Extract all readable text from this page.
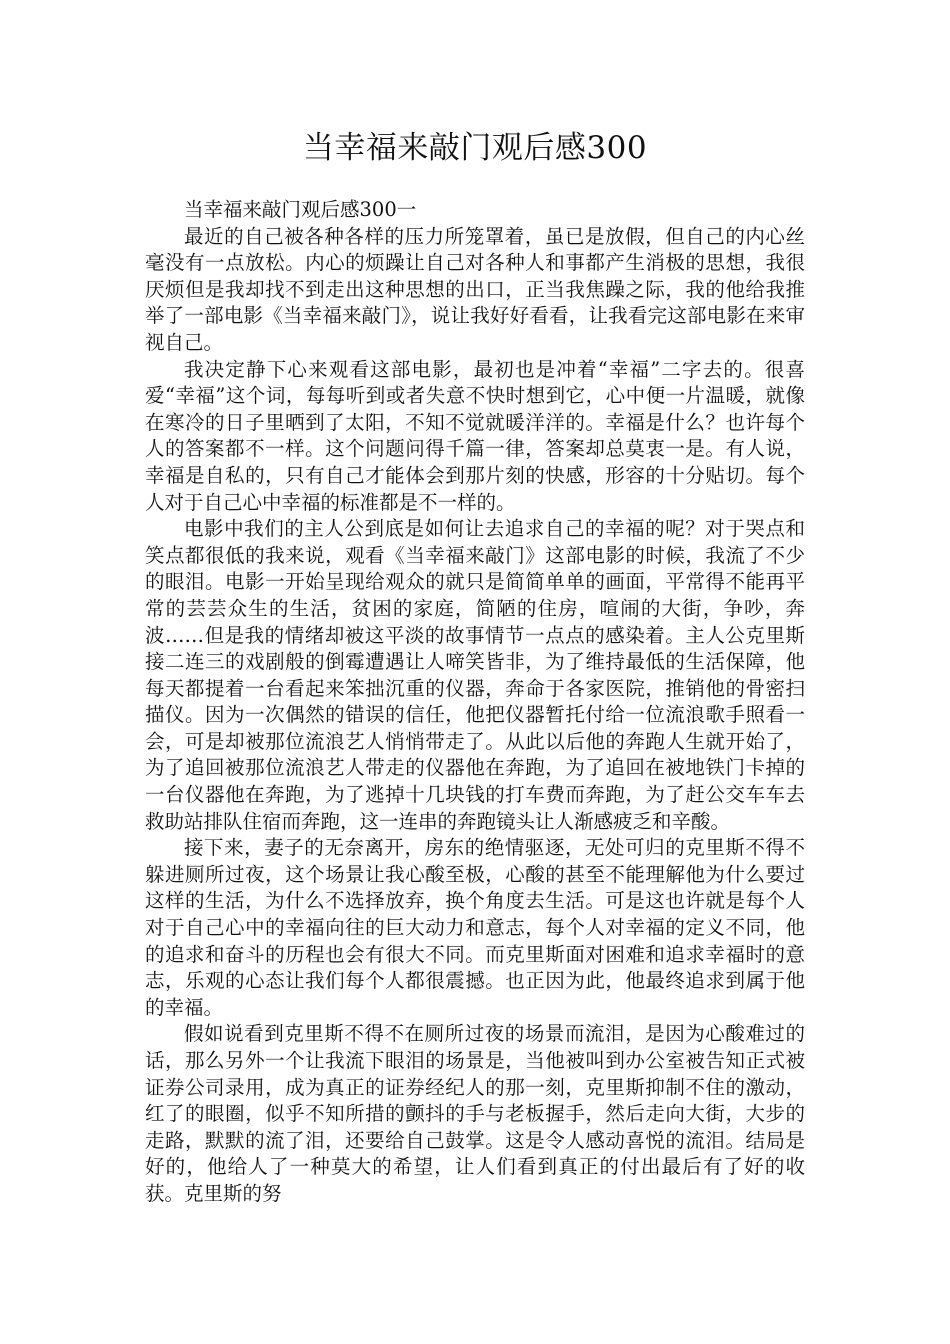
当幸福来敲门观后感300

当幸福来敲门观后感300一

最近的自己被各种各样的压力所笼罩着，虽已是放假，但自己的内心丝毫没有一点放松。内心的烦躁让自己对各种人和事都产生消极的思想，我很厌烦但是我却找不到走出这种思想的出口，正当我焦躁之际，我的他给我推举了一部电影《当幸福来敲门》，说让我好好看看，让我看完这部电影在来审视自己。

我决定静下心来观看这部电影，最初也是冲着“幸福”二字去的。很喜爱“幸福”这个词，每每听到或者失意不快时想到它，心中便一片温暖，就像在寒冷的日子里晒到了太阳，不知不觉就暖洋洋的。幸福是什么？也许每个人的答案都不一样。这个问题问得千篇一律，答案却总莫衷一是。有人说，幸福是自私的，只有自己才能体会到那片刻的快感，形容的十分贴切。每个人对于自己心中幸福的标准都是不一样的。

电影中我们的主人公到底是如何让去追求自己的幸福的呢？对于哭点和笑点都很低的我来说，观看《当幸福来敲门》这部电影的时候，我流了不少的眼泪。电影一开始呈现给观众的就只是简简单单的画面，平常得不能再平常的芸芸众生的生活，贫困的家庭，简陋的住房，喧闹的大街，争吵，奔波……但是我的情绪却被这平淡的故事情节一点点的感染着。主人公克里斯接二连三的戏剧般的倒霉遭遇让人啼笑皆非，为了维持最低的生活保障，他每天都提着一台看起来笨拙沉重的仪器，奔命于各家医院，推销他的骨密扫描仪。因为一次偶然的错误的信任，他把仪器暂托付给一位流浪歌手照看一会，可是却被那位流浪艺人悄悄带走了。从此以后他的奔跑人生就开始了，为了追回被那位流浪艺人带走的仪器他在奔跑，为了追回在被地铁门卡掉的一台仪器他在奔跑，为了逃掉十几块钱的打车费而奔跑，为了赶公交车车去救助站排队住宿而奔跑，这一连串的奔跑镜头让人渐感疲乏和辛酸。

接下来，妻子的无奈离开，房东的绝情驱逐，无处可归的克里斯不得不躲进厕所过夜，这个场景让我心酸至极，心酸的甚至不能理解他为什么要过这样的生活，为什么不选择放弃，换个角度去生活。可是这也许就是每个人对于自己心中的幸福向往的巨大动力和意志，每个人对幸福的定义不同，他的追求和奋斗的历程也会有很大不同。而克里斯面对困难和追求幸福时的意志，乐观的心态让我们每个人都很震撼。也正因为此，他最终追求到属于他的幸福。

假如说看到克里斯不得不在厕所过夜的场景而流泪，是因为心酸难过的话，那么另外一个让我流下眼泪的场景是，当他被叫到办公室被告知正式被证券公司录用，成为真正的证券经纪人的那一刻，克里斯抑制不住的激动，红了的眼圈，似乎不知所措的颤抖的手与老板握手，然后走向大街，大步的走路，默默的流了泪，还要给自己鼓掌。这是令人感动喜悦的流泪。结局是好的，他给人了一种莫大的希望，让人们看到真正的付出最后有了好的收获。克里斯的努
